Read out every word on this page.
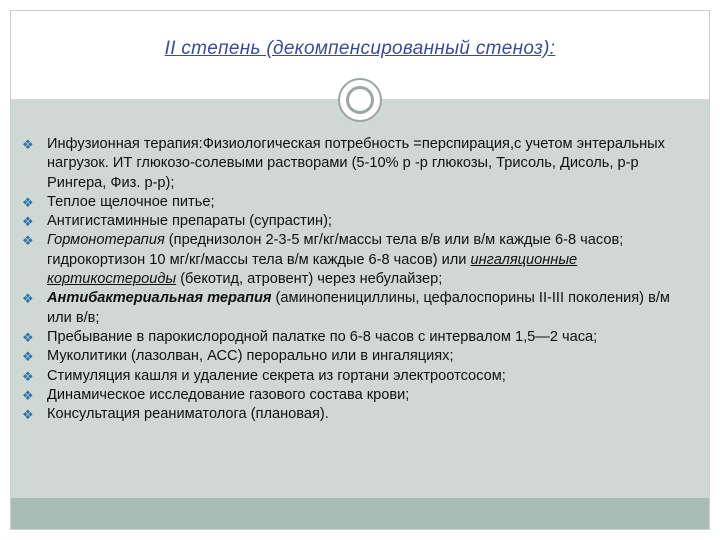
II степень (декомпенсированный стеноз):
❖ Инфузионная терапия:Физиологическая потребность =перспирация,с учетом энтеральных нагрузок. ИТ глюкозо-солевыми растворами (5-10% р -р глюкозы, Трисоль, Дисоль, р-р Рингера, Физ. р-р);
❖ Теплое щелочное питье;
❖ Антигистаминные препараты (супрастин);
❖ Гормонотерапия (преднизолон 2-3-5 мг/кг/массы тела в/в или в/м каждые 6-8 часов; гидрокортизон 10 мг/кг/массы тела в/м каждые 6-8 часов) или ингаляционные кортикостероиды (бекотид, атровент) через небулайзер;
❖ Антибактериальная терапия (аминопенициллины, цефалоспорины II-III поколения) в/м или в/в;
❖ Пребывание в парокислородной палатке по 6-8 часов с интервалом 1,5—2 часа;
❖ Муколитики (лазолван, АСС) перорально или в ингаляциях;
❖ Стимуляция кашля и удаление секрета из гортани электроотсосом;
❖ Динамическое исследование газового состава крови;
❖ Консультация реаниматолога (плановая).
